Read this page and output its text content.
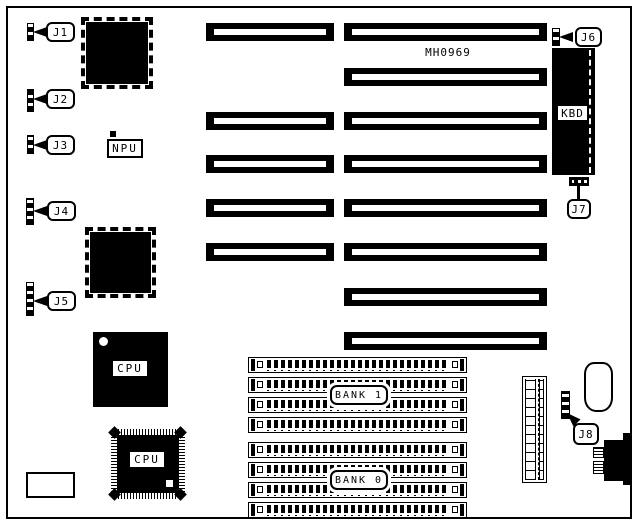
MH0969
J1
J2
J3
J4
J5
NPU
CPU
CPU
J6
KBD
J7
BANK 1
BANK 0
J8
